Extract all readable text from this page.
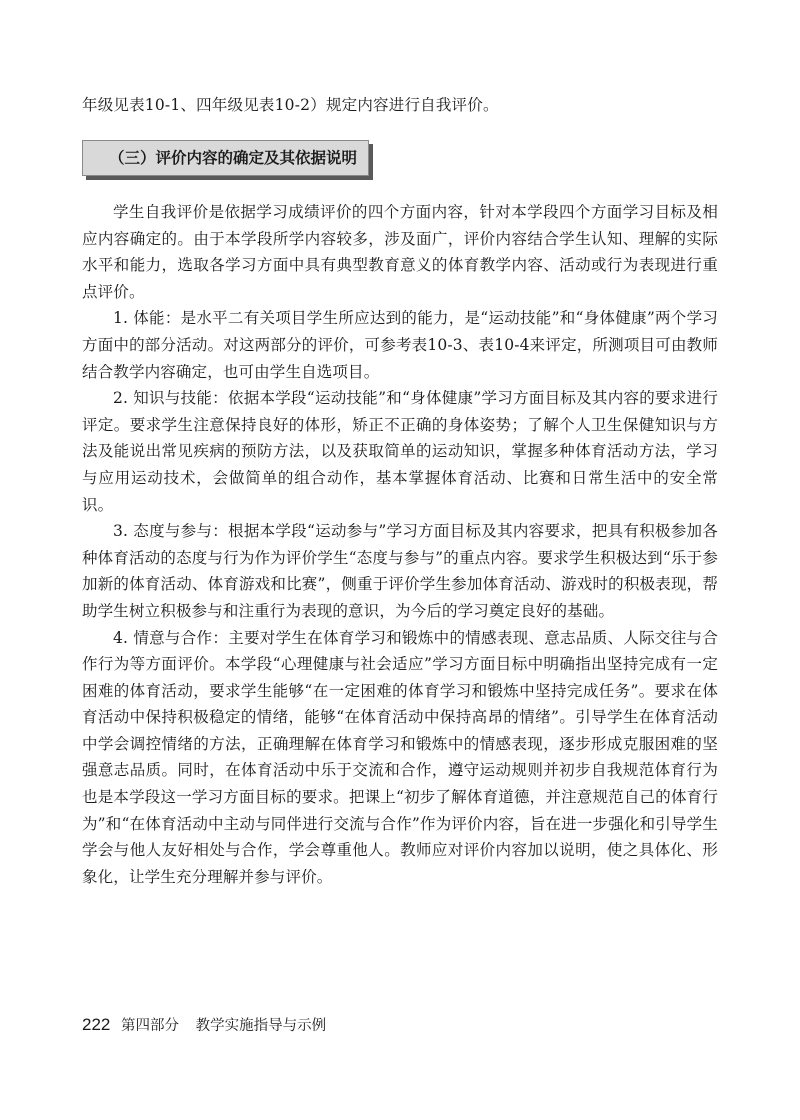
年级见表10-1、四年级见表10-2）规定内容进行自我评价。
（三）评价内容的确定及其依据说明

学生自我评价是依据学习成绩评价的四个方面内容，针对本学段四个方面学习目标及相应内容确定的。由于本学段所学内容较多，涉及面广，评价内容结合学生认知、理解的实际水平和能力，选取各学习方面中具有典型教育意义的体育教学内容、活动或行为表现进行重点评价。

1. 体能：是水平二有关项目学生所应达到的能力，是“运动技能”和“身体健康”两个学习方面中的部分活动。对这两部分的评价，可参考表10-3、表10-4来评定，所测项目可由教师结合教学内容确定，也可由学生自选项目。

2. 知识与技能：依据本学段“运动技能”和“身体健康”学习方面目标及其内容的要求进行评定。要求学生注意保持良好的体形，矫正不正确的身体姿势；了解个人卫生保健知识与方法及能说出常见疾病的预防方法，以及获取简单的运动知识，掌握多种体育活动方法，学习与应用运动技术，会做简单的组合动作，基本掌握体育活动、比赛和日常生活中的安全常识。

3. 态度与参与：根据本学段“运动参与”学习方面目标及其内容要求，把具有积极参加各种体育活动的态度与行为作为评价学生“态度与参与”的重点内容。要求学生积极达到“乐于参加新的体育活动、体育游戏和比赛”，侧重于评价学生参加体育活动、游戏时的积极表现，帮助学生树立积极参与和注重行为表现的意识，为今后的学习奠定良好的基础。

4. 情意与合作：主要对学生在体育学习和锻炼中的情感表现、意志品质、人际交往与合作行为等方面评价。本学段“心理健康与社会适应”学习方面目标中明确指出坚持完成有一定困难的体育活动，要求学生能够“在一定困难的体育学习和锻炼中坚持完成任务”。要求在体育活动中保持积极稳定的情绪，能够“在体育活动中保持高昂的情绪”。引导学生在体育活动中学会调控情绪的方法，正确理解在体育学习和锻炼中的情感表现，逐步形成克服困难的坚强意志品质。同时，在体育活动中乐于交流和合作，遵守运动规则并初步自我规范体育行为也是本学段这一学习方面目标的要求。把课上“初步了解体育道德，并注意规范自己的体育行为”和“在体育活动中主动与同伴进行交流与合作”作为评价内容，旨在进一步强化和引导学生学会与他人友好相处与合作，学会尊重他人。教师应对评价内容加以说明，使之具体化、形象化，让学生充分理解并参与评价。

222 第四部分 教学实施指导与示例
